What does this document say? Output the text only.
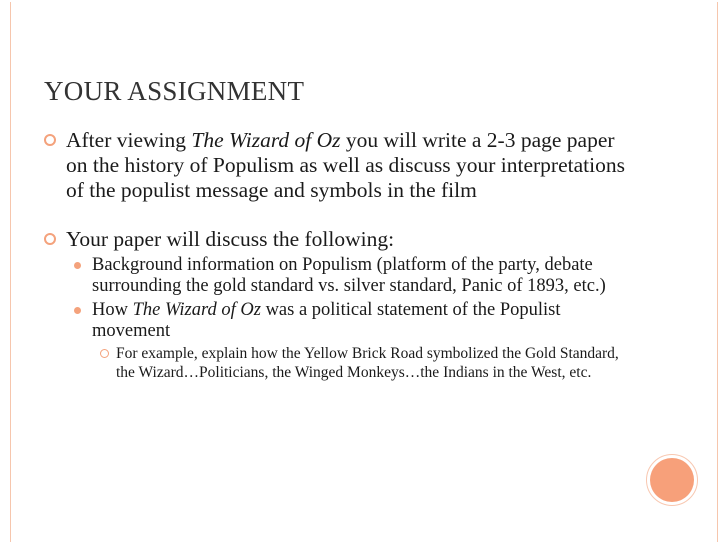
YOUR ASSIGNMENT
After viewing The Wizard of Oz you will write a 2-3 page paper on the history of Populism as well as discuss your interpretations of the populist message and symbols in the film
Your paper will discuss the following:
Background information on Populism (platform of the party, debate surrounding the gold standard vs. silver standard, Panic of 1893, etc.)
How The Wizard of Oz was a political statement of the Populist movement
For example, explain how the Yellow Brick Road symbolized the Gold Standard, the Wizard…Politicians, the Winged Monkeys…the Indians in the West, etc.
